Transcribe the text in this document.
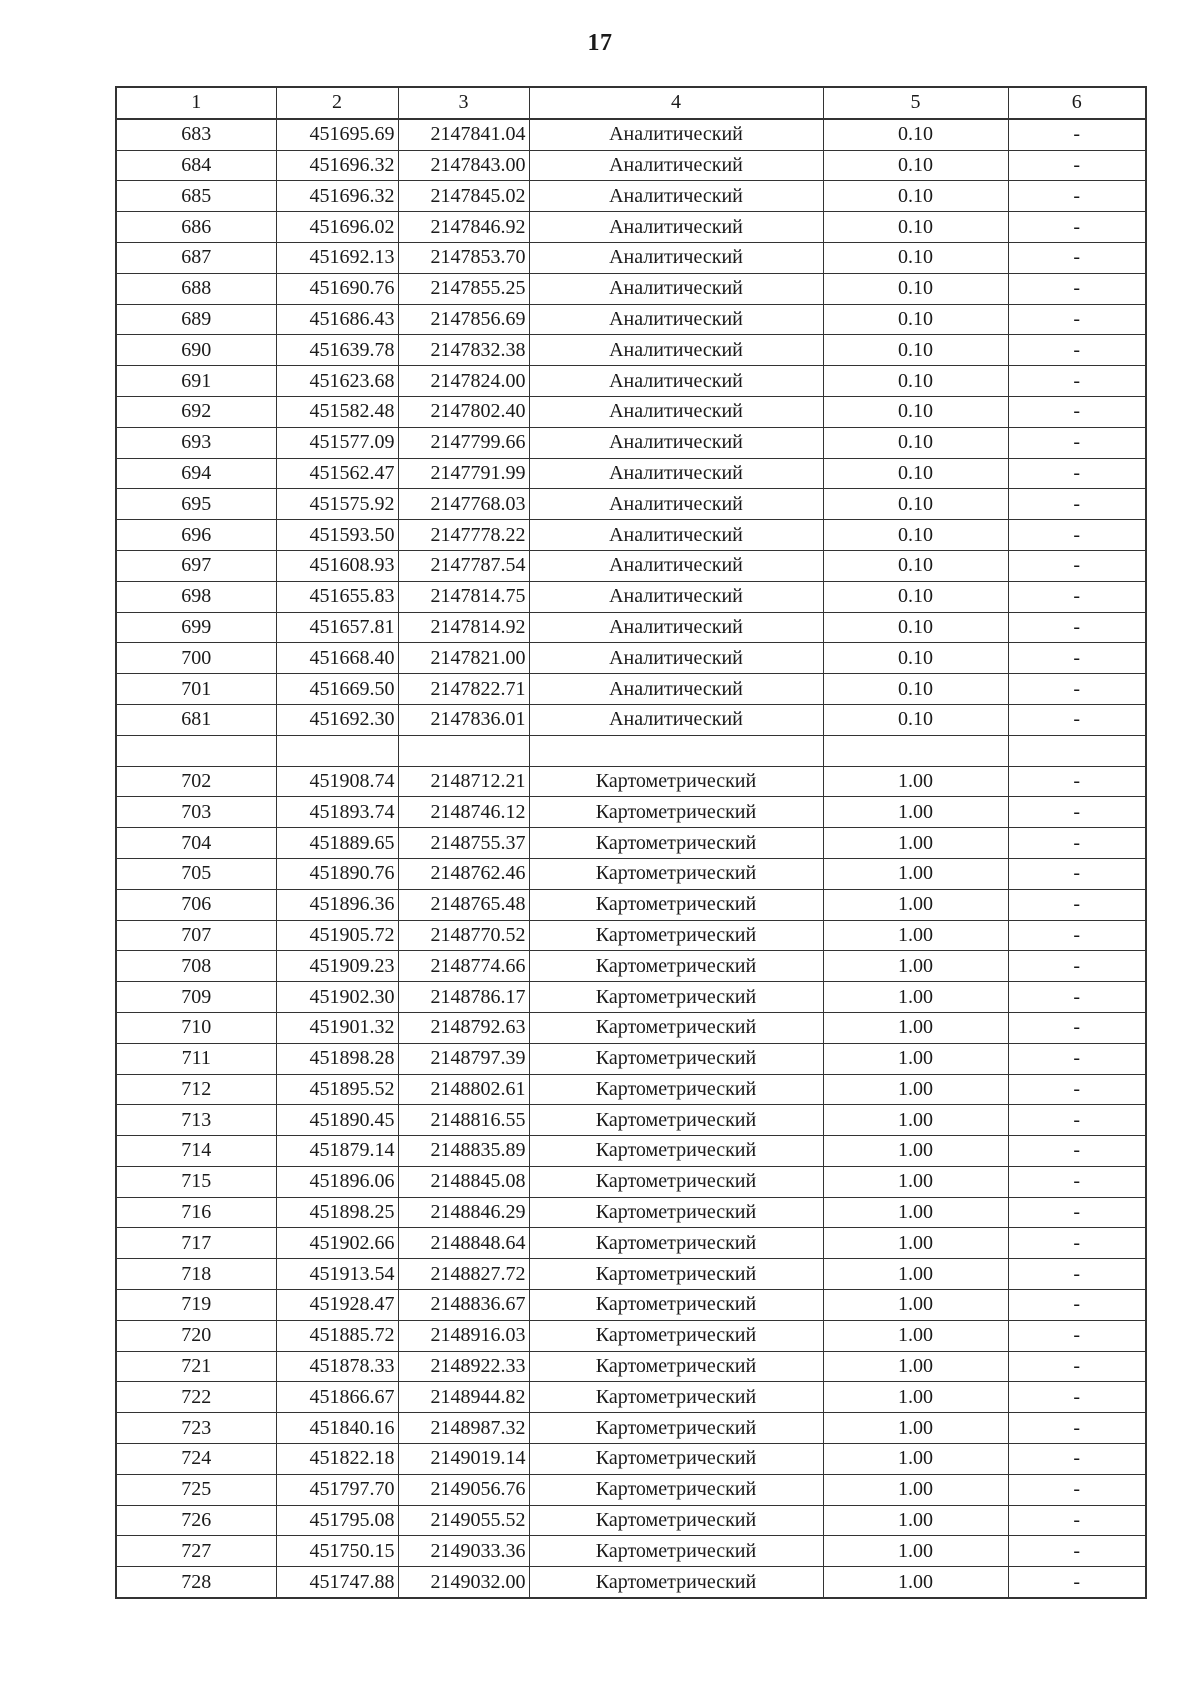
17
1	2	3	4	5	6
683	451695.69	2147841.04	Аналитический	0.10	-
684	451696.32	2147843.00	Аналитический	0.10	-
685	451696.32	2147845.02	Аналитический	0.10	-
686	451696.02	2147846.92	Аналитический	0.10	-
687	451692.13	2147853.70	Аналитический	0.10	-
688	451690.76	2147855.25	Аналитический	0.10	-
689	451686.43	2147856.69	Аналитический	0.10	-
690	451639.78	2147832.38	Аналитический	0.10	-
691	451623.68	2147824.00	Аналитический	0.10	-
692	451582.48	2147802.40	Аналитический	0.10	-
693	451577.09	2147799.66	Аналитический	0.10	-
694	451562.47	2147791.99	Аналитический	0.10	-
695	451575.92	2147768.03	Аналитический	0.10	-
696	451593.50	2147778.22	Аналитический	0.10	-
697	451608.93	2147787.54	Аналитический	0.10	-
698	451655.83	2147814.75	Аналитический	0.10	-
699	451657.81	2147814.92	Аналитический	0.10	-
700	451668.40	2147821.00	Аналитический	0.10	-
701	451669.50	2147822.71	Аналитический	0.10	-
681	451692.30	2147836.01	Аналитический	0.10	-

702	451908.74	2148712.21	Картометрический	1.00	-
703	451893.74	2148746.12	Картометрический	1.00	-
704	451889.65	2148755.37	Картометрический	1.00	-
705	451890.76	2148762.46	Картометрический	1.00	-
706	451896.36	2148765.48	Картометрический	1.00	-
707	451905.72	2148770.52	Картометрический	1.00	-
708	451909.23	2148774.66	Картометрический	1.00	-
709	451902.30	2148786.17	Картометрический	1.00	-
710	451901.32	2148792.63	Картометрический	1.00	-
711	451898.28	2148797.39	Картометрический	1.00	-
712	451895.52	2148802.61	Картометрический	1.00	-
713	451890.45	2148816.55	Картометрический	1.00	-
714	451879.14	2148835.89	Картометрический	1.00	-
715	451896.06	2148845.08	Картометрический	1.00	-
716	451898.25	2148846.29	Картометрический	1.00	-
717	451902.66	2148848.64	Картометрический	1.00	-
718	451913.54	2148827.72	Картометрический	1.00	-
719	451928.47	2148836.67	Картометрический	1.00	-
720	451885.72	2148916.03	Картометрический	1.00	-
721	451878.33	2148922.33	Картометрический	1.00	-
722	451866.67	2148944.82	Картометрический	1.00	-
723	451840.16	2148987.32	Картометрический	1.00	-
724	451822.18	2149019.14	Картометрический	1.00	-
725	451797.70	2149056.76	Картометрический	1.00	-
726	451795.08	2149055.52	Картометрический	1.00	-
727	451750.15	2149033.36	Картометрический	1.00	-
728	451747.88	2149032.00	Картометрический	1.00	-
